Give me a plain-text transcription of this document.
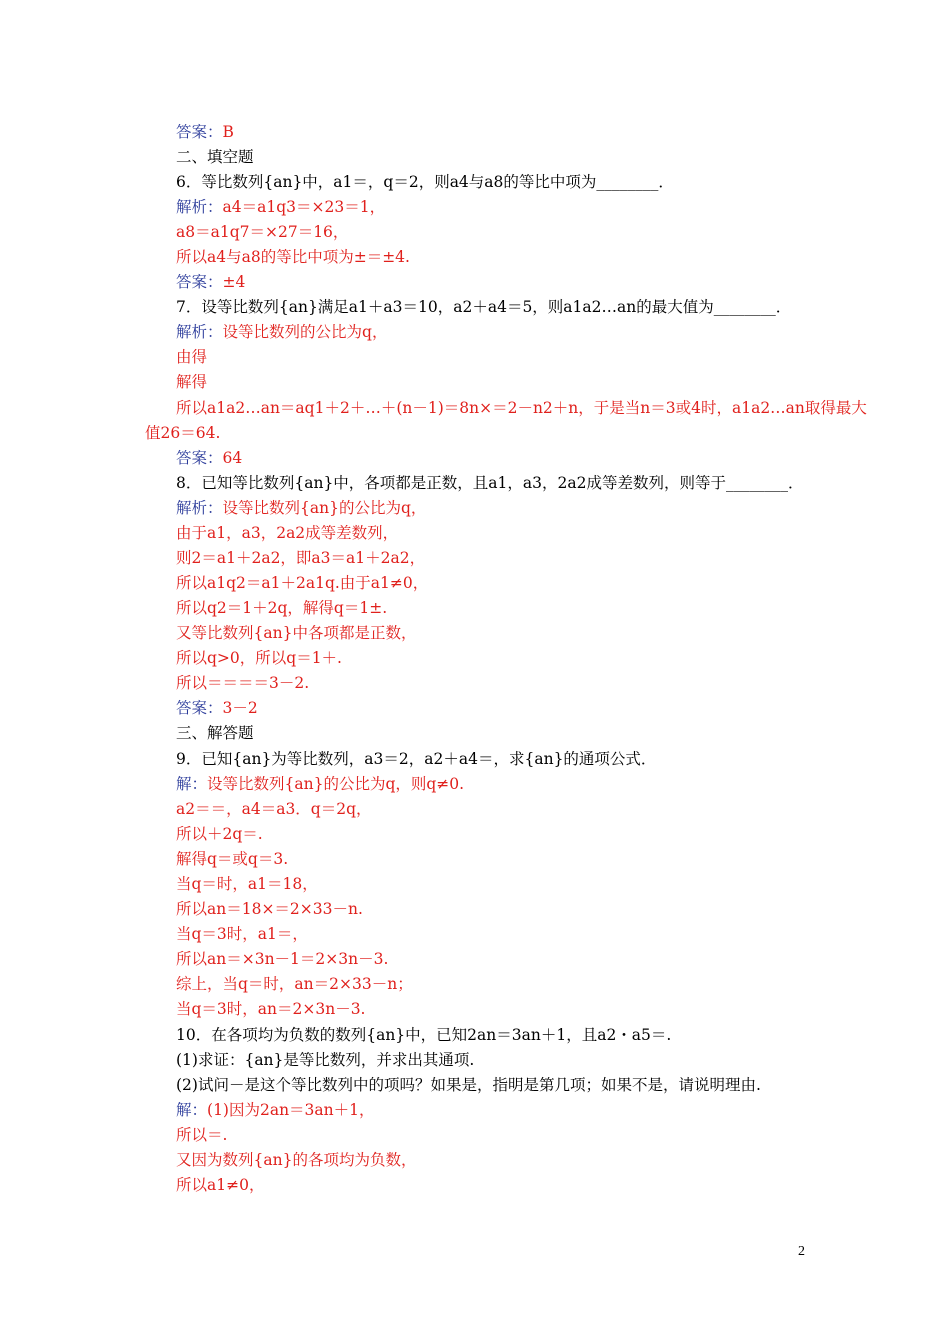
答案：B
二、填空题
6．等比数列{an}中，a1＝，q＝2，则a4与a8的等比中项为________．
解析：a4＝a1q3＝×23＝1，
a8＝a1q7＝×27＝16，
所以a4与a8的等比中项为±＝±4.
答案：±4
7．设等比数列{an}满足a1＋a3＝10，a2＋a4＝5，则a1a2…an的最大值为________．
解析：设等比数列的公比为q，
由得
解得
所以a1a2…an＝aq1＋2＋…＋(n－1)＝8n×＝2－n2＋n，于是当n＝3或4时，a1a2…an取得最大
值26＝64.
答案：64
8．已知等比数列{an}中，各项都是正数，且a1，a3，2a2成等差数列，则等于________．
解析：设等比数列{an}的公比为q，
由于a1，a3，2a2成等差数列，
则2＝a1＋2a2，即a3＝a1＋2a2，
所以a1q2＝a1＋2a1q.由于a1≠0，
所以q2＝1＋2q，解得q＝1±.
又等比数列{an}中各项都是正数，
所以q>0，所以q＝1＋.
所以＝＝＝＝3－2.
答案：3－2
三、解答题
9．已知{an}为等比数列，a3＝2，a2＋a4＝，求{an}的通项公式．
解：设等比数列{an}的公比为q，则q≠0.
a2＝＝，a4＝a3．q＝2q，
所以＋2q＝.
解得q＝或q＝3.
当q＝时，a1＝18，
所以an＝18×＝2×33－n.
当q＝3时，a1＝，
所以an＝×3n－1＝2×3n－3.
综上，当q＝时，an＝2×33－n；
当q＝3时，an＝2×3n－3.
10．在各项均为负数的数列{an}中，已知2an＝3an＋1，且a2・a5＝.
(1)求证：{an}是等比数列，并求出其通项.
(2)试问－是这个等比数列中的项吗？如果是，指明是第几项；如果不是，请说明理由.
解：(1)因为2an＝3an＋1，
所以＝.
又因为数列{an}的各项均为负数，
所以a1≠0，
2
